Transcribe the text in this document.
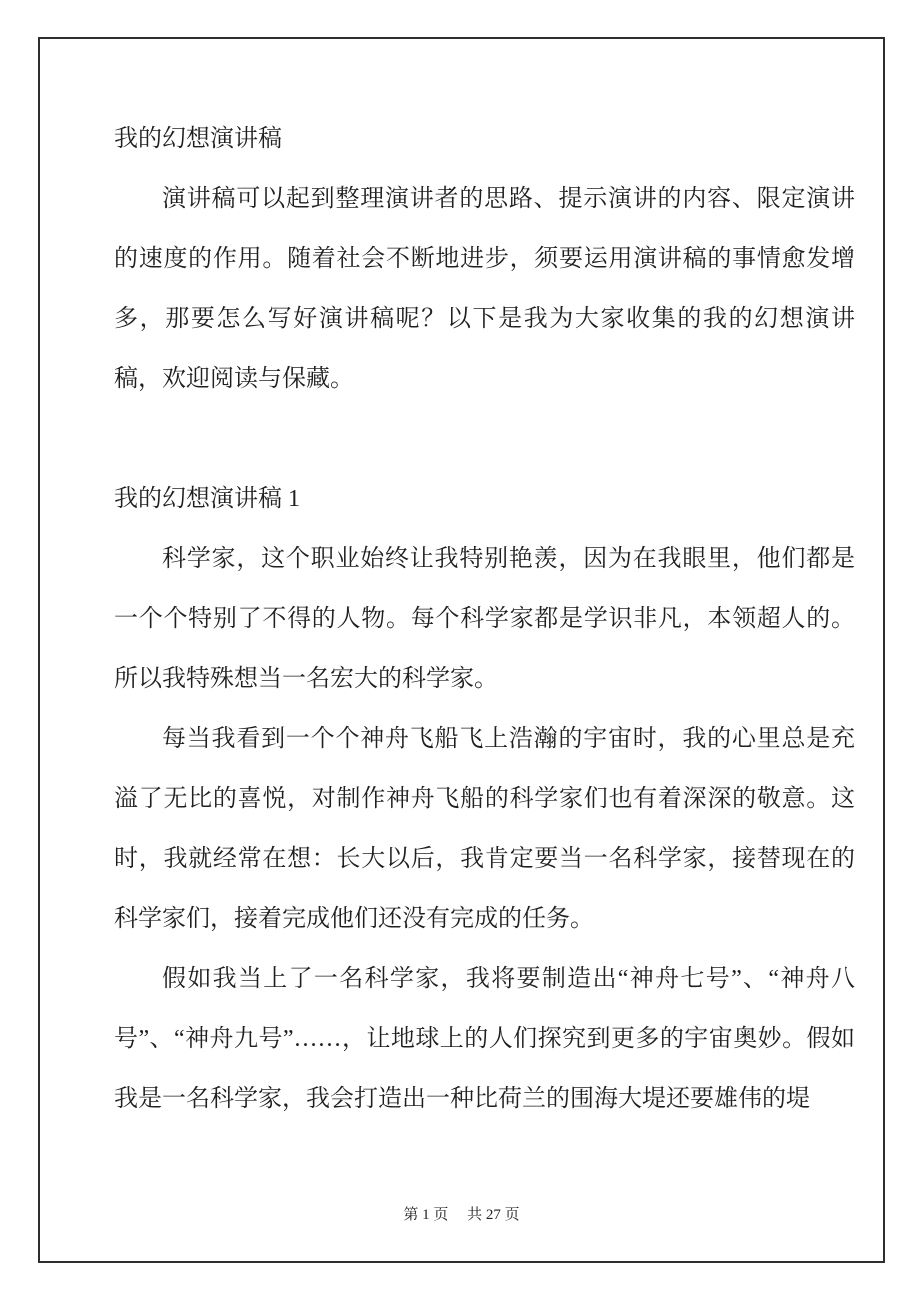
我的幻想演讲稿

演讲稿可以起到整理演讲者的思路、提示演讲的内容、限定演讲的速度的作用。随着社会不断地进步，须要运用演讲稿的事情愈发增多，那要怎么写好演讲稿呢？以下是我为大家收集的我的幻想演讲稿，欢迎阅读与保藏。

我的幻想演讲稿 1

科学家，这个职业始终让我特别艳羡，因为在我眼里，他们都是一个个特别了不得的人物。每个科学家都是学识非凡，本领超人的。所以我特殊想当一名宏大的科学家。

每当我看到一个个神舟飞船飞上浩瀚的宇宙时，我的心里总是充溢了无比的喜悦，对制作神舟飞船的科学家们也有着深深的敬意。这时，我就经常在想：长大以后，我肯定要当一名科学家，接替现在的科学家们，接着完成他们还没有完成的任务。

假如我当上了一名科学家，我将要制造出“神舟七号”、“神舟八号”、“神舟九号”……，让地球上的人们探究到更多的宇宙奥妙。假如我是一名科学家，我会打造出一种比荷兰的围海大堤还要雄伟的堤

第 1 页 共 27 页
